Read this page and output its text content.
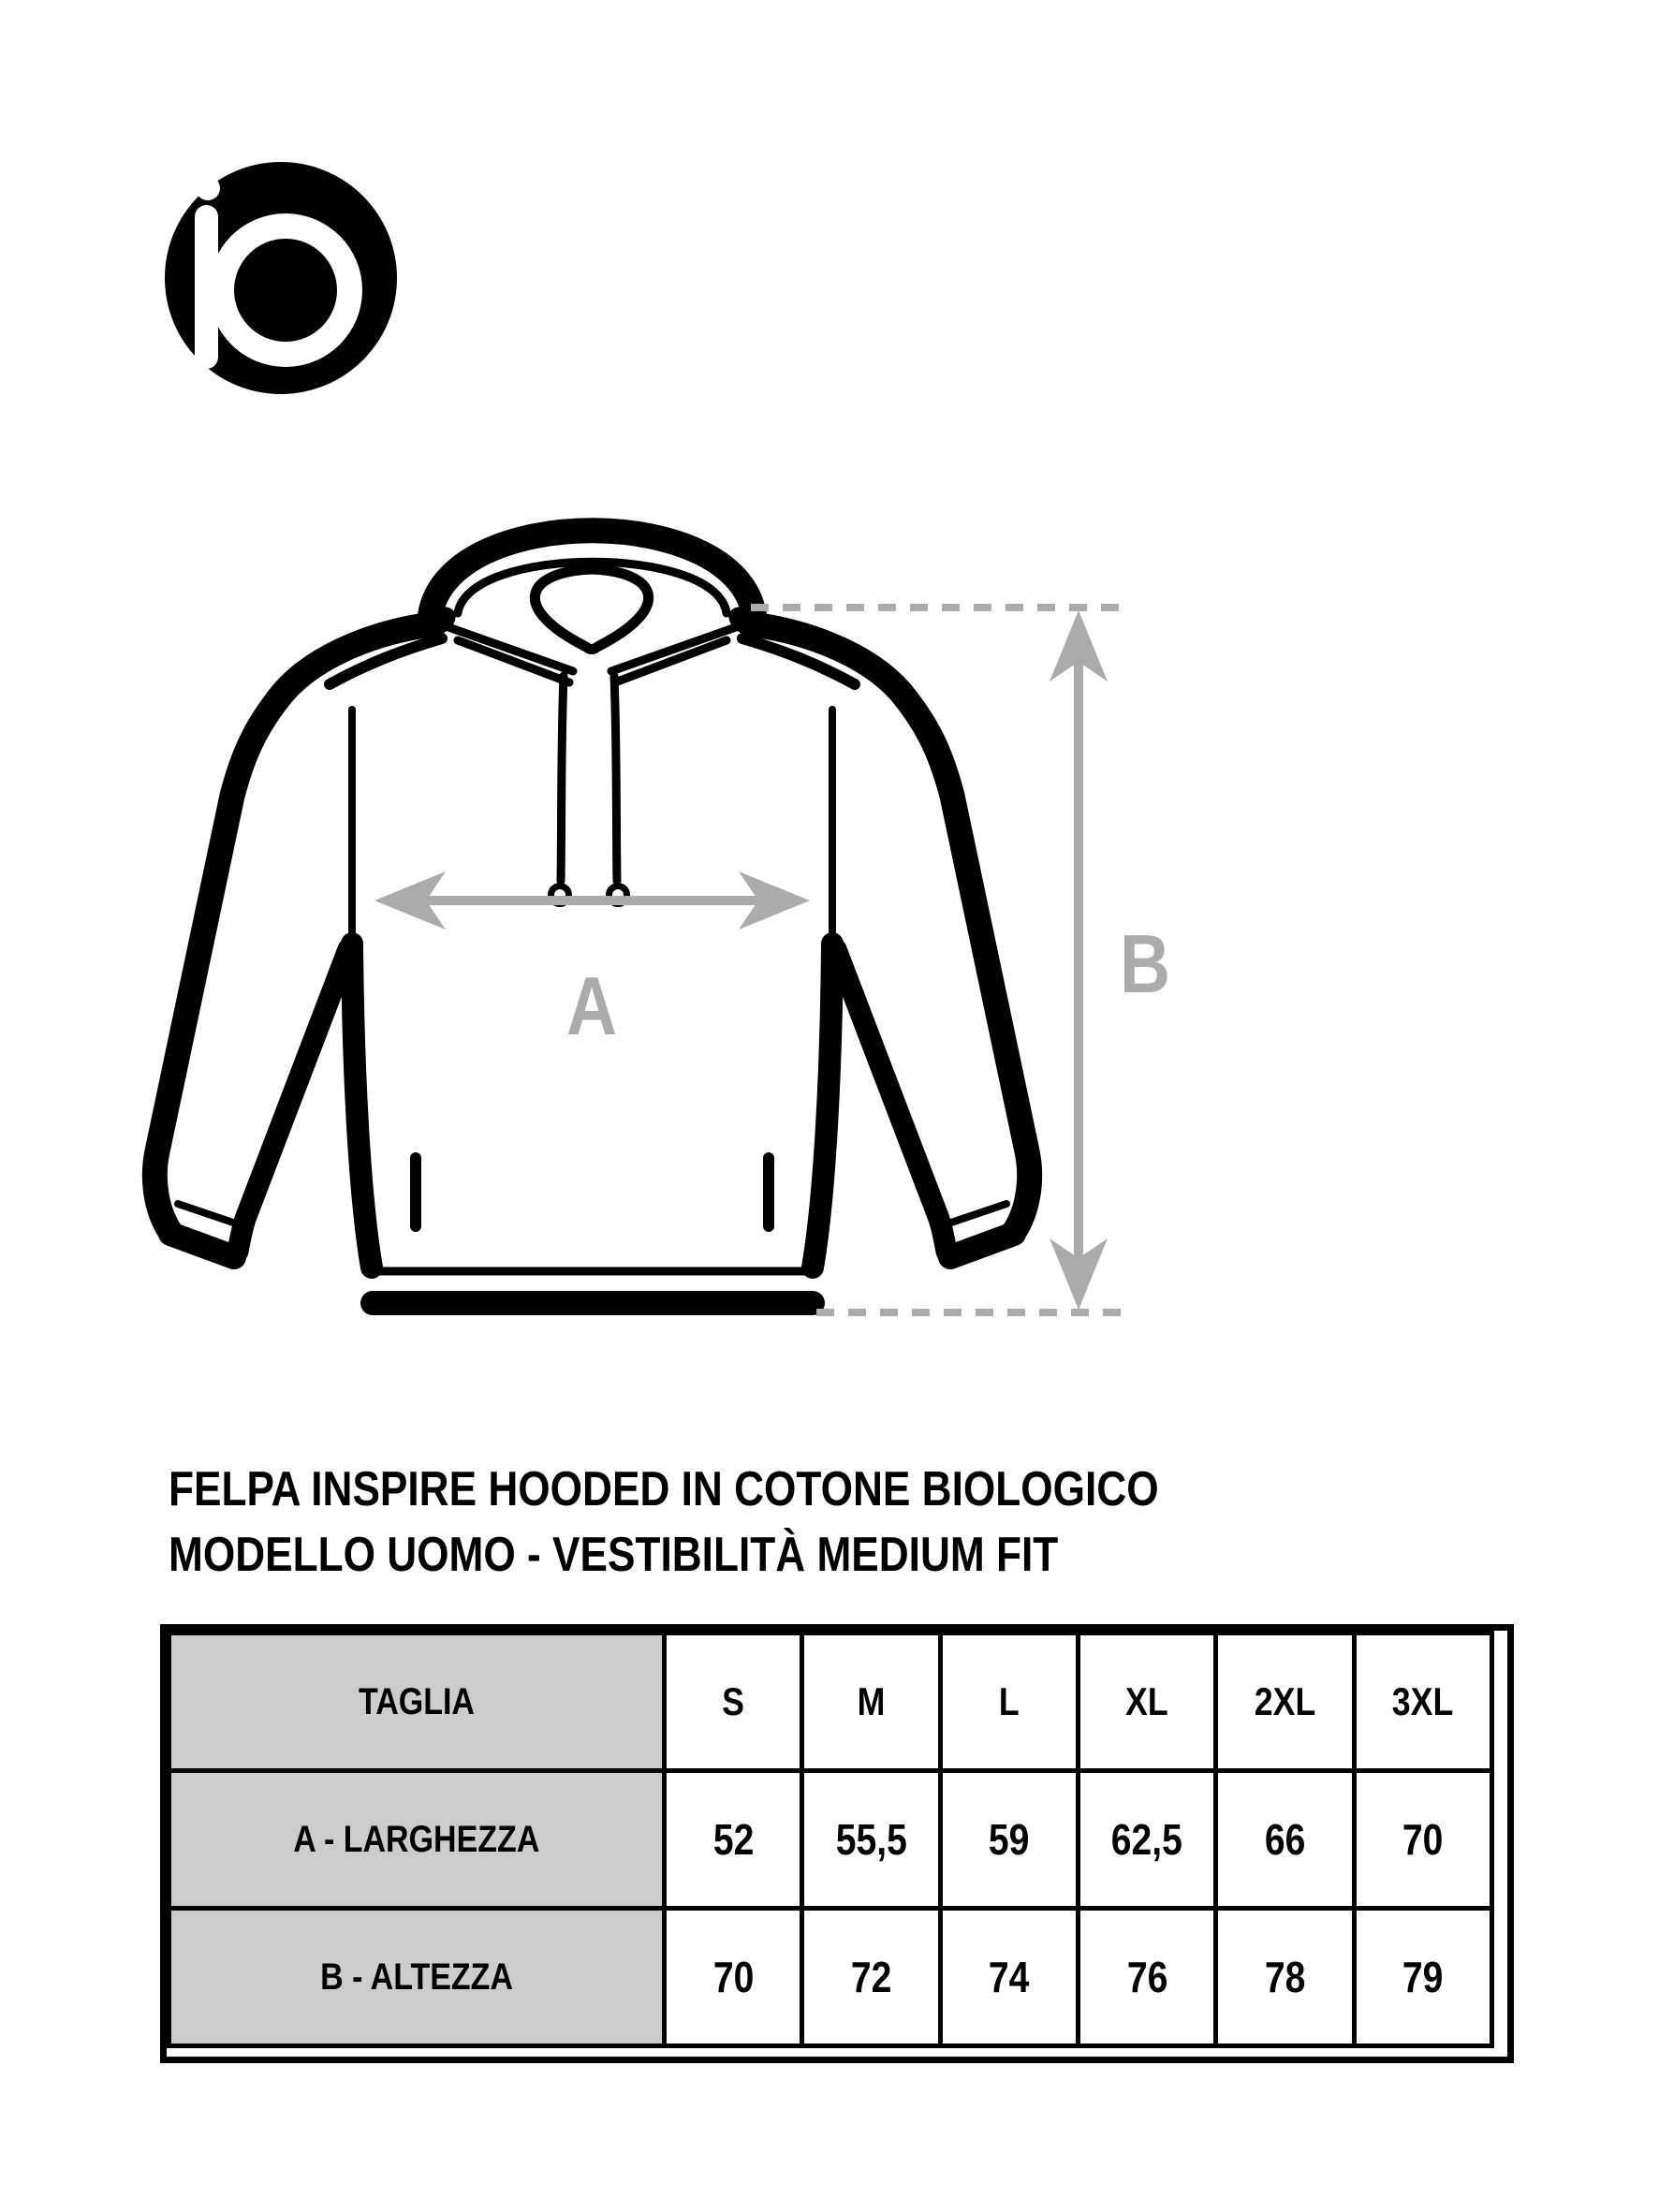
A	B
FELPA INSPIRE HOODED IN COTONE BIOLOGICO
MODELLO UOMO - VESTIBILITÀ MEDIUM FIT
TAGLIA	S	M	L	XL	2XL	3XL
A - LARGHEZZA	52	55,5	59	62,5	66	70
B - ALTEZZA	70	72	74	76	78	79
